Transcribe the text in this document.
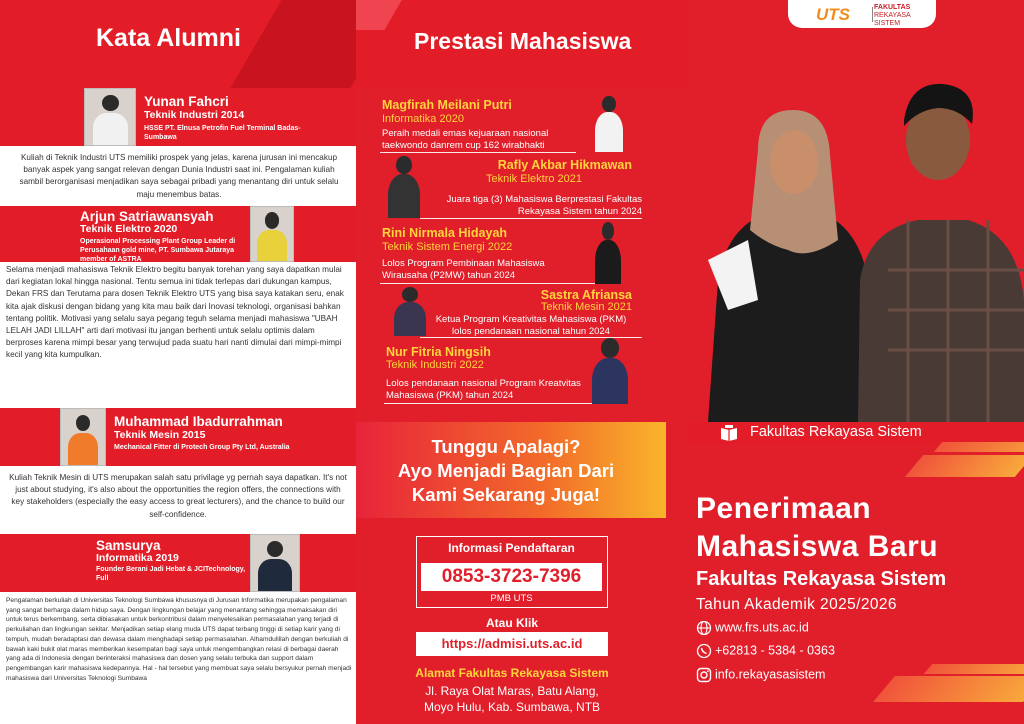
Kata Alumni
Yunan Fahcri
Teknik Industri 2014
HSSE PT. Elnusa Petrofin Fuel Terminal Badas-Sumbawa
Kuliah di Teknik Industri UTS memiliki prospek yang jelas, karena jurusan ini mencakup banyak aspek yang sangat relevan dengan Dunia Industri saat ini. Pengalaman kuliah sambil berorganisasi menjadikan saya sebagai pribadi yang menantang diri untuk selalu maju menembus batas.
Arjun Satriawansyah
Teknik Elektro 2020
Operasional Processing Plant Group Leader di Perusahaan gold mine, PT. Sumbawa Jutaraya member of ASTRA
Selama menjadi mahasiswa Teknik Elektro begitu banyak torehan yang saya dapatkan mulai dari kegiatan lokal hingga nasional. Tentu semua ini tidak terlepas dari dukungan kampus, Dekan FRS dan Terutama para dosen Teknik Elektro UTS yang bisa saya katakan seru, enak kita ajak diskusi dengan bidang yang kita mau baik dari Inovasi teknologi, organisasi bahkan tentang politik. Motivasi yang selalu saya pegang teguh selama menjadi mahasiswa "UBAH LELAH JADI LILLAH" arti dari motivasi itu jangan berhenti untuk selalu optimis dalam berproses karena mimpi besar yang terwujud pada suatu hari nanti dimulai dari mimpi-mimpi kecil yang kita kumpulkan.
Muhammad Ibadurrahman
Teknik Mesin 2015
Mechanical Fitter di Protech Group Pty Ltd, Australia
Kuliah Teknik Mesin di UTS merupakan salah satu privilage yg pernah saya dapatkan. It's not just about studying, it's also about the opportunities the region offers, the connections with key stakeholders (especially the easy access to great lecturers), and the chance to build our self-confidence.
Samsurya
Informatika 2019
Founder Berani Jadi Hebat & JCITechnology, Full
Pengalaman berkuliah di Universitas Teknologi Sumbawa khususnya di Jurusan Informatika merupakan pengalaman yang sangat berharga dalam hidup saya. Dengan lingkungan belajar yang menantang sehingga memaksakan diri untuk terus berkembang, serta dibiasakan untuk berkontribusi dalam menyelesaikan permasalahan yang terjadi di perkuliahan dan lingkungan sekitar. Menjadikan setiap elang muda UTS dapat terbang tinggi di setiap karir yang di tempuh, mudah beradaptasi dan dewasa dalam menghadapi setiap permasalahan. Alhamdulillah dengan berkuliah di bawah kaki bukit olat maras memberikan kesempatan bagi saya untuk mengembangkan relasi di berbagai daerah yang ada di Indonesia dengan berinteraksi mahasiswa dan dosen yang selalu terbuka dan support dalam pengembangan karir mahasiswa kedepannya. Hal - hal tersebut yang membuat saya selalu bersyukur pernah menjadi mahasiswa dari Universitas Teknologi Sumbawa
Prestasi Mahasiswa
Magfirah Meilani Putri
Informatika 2020
Peraih medali emas kejuaraan nasional taekwondo danrem cup 162 wirabhakti
Rafly Akbar Hikmawan
Teknik Elektro 2021
Juara tiga (3) Mahasiswa Berprestasi Fakultas Rekayasa Sistem tahun 2024
Rini Nirmala Hidayah
Teknik Sistem Energi 2022
Lolos Program Pembinaan Mahasiswa Wirausaha (P2MW) tahun 2024
Sastra Afriansa
Teknik Mesin 2021
Ketua Program Kreativitas Mahasiswa (PKM) lolos pendanaan nasional tahun 2024
Nur Fitria Ningsih
Teknik Industri 2022
Lolos pendanaan nasional Program Kreatvitas Mahasiswa (PKM) tahun 2024
Tunggu Apalagi?
Ayo Menjadi Bagian Dari
Kami Sekarang Juga!
Informasi Pendaftaran
0853-3723-7396
PMB UTS
Atau Klik
https://admisi.uts.ac.id
Alamat Fakultas Rekayasa Sistem
Jl. Raya Olat Maras, Batu Alang,
Moyo Hulu, Kab. Sumbawa, NTB
UTS	FAKULTAS
REKAYASA
SISTEM
Fakultas Rekayasa Sistem
Penerimaan
Mahasiswa Baru
Fakultas Rekayasa Sistem
Tahun Akademik 2025/2026
www.frs.uts.ac.id
+62813 - 5384 - 0363
info.rekayasasistem
